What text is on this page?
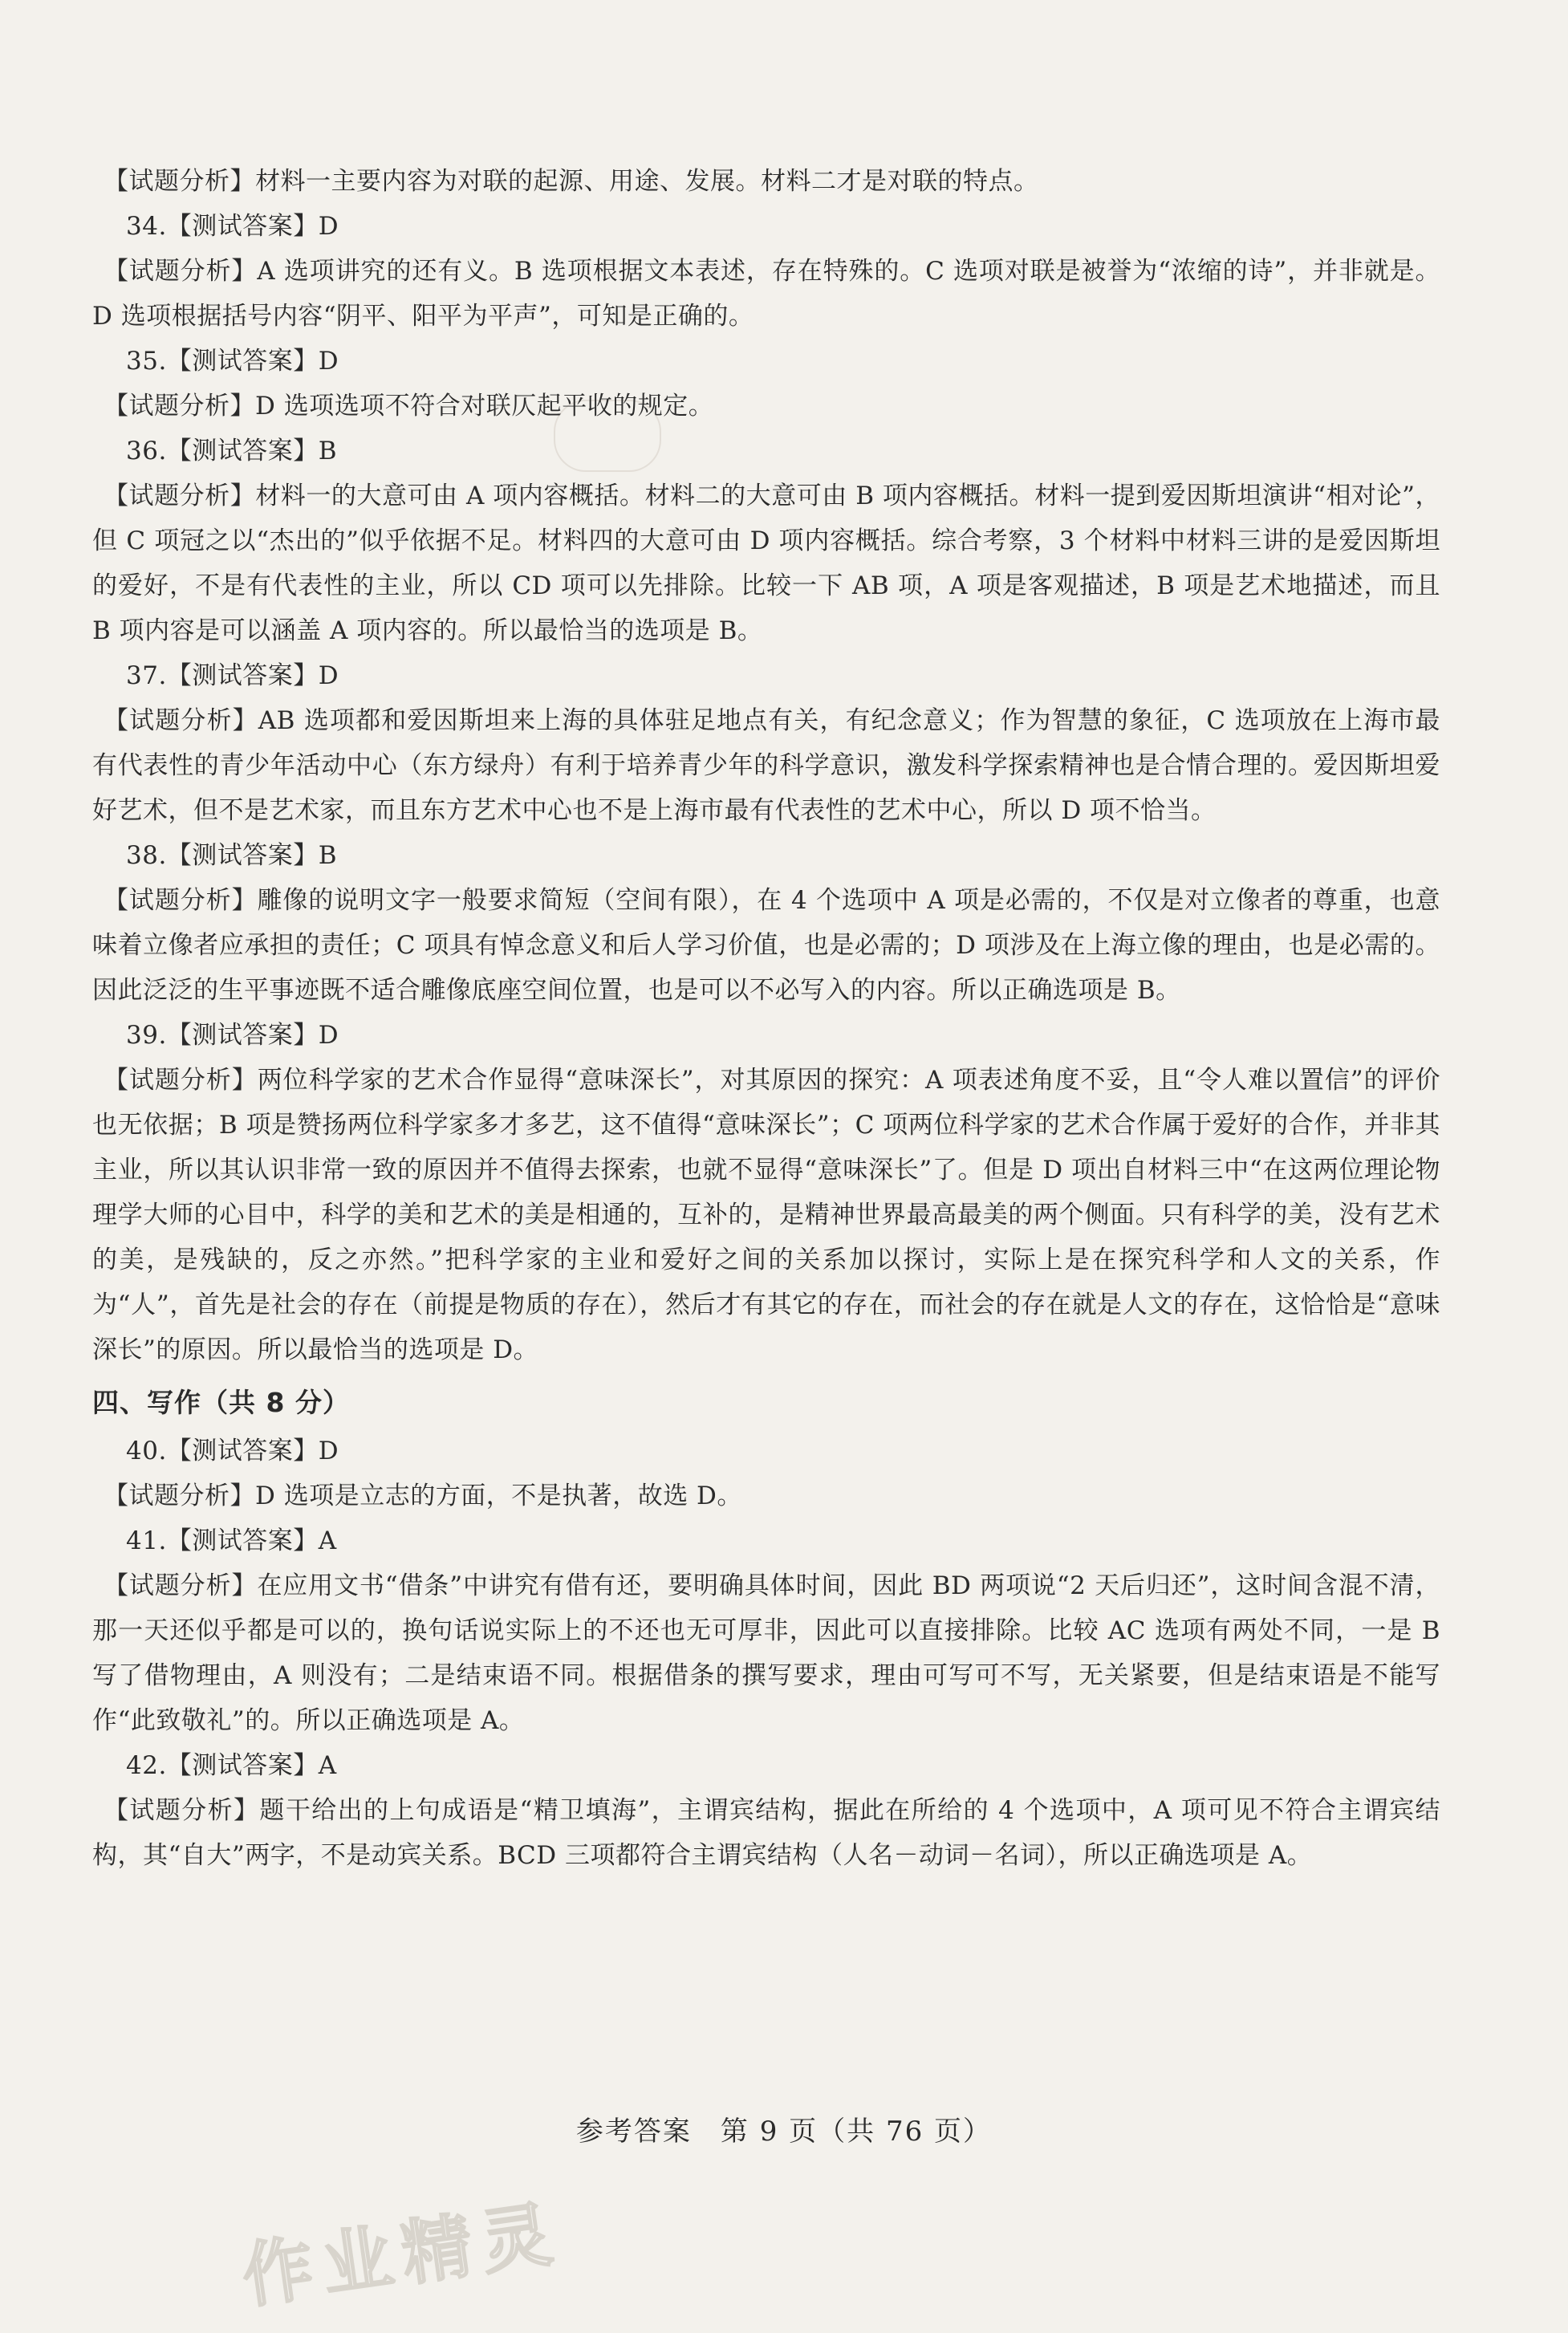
【试题分析】材料一主要内容为对联的起源、用途、发展。材料二才是对联的特点。

34.【测试答案】D

【试题分析】A 选项讲究的还有义。B 选项根据文本表述，存在特殊的。C 选项对联是被誉为“浓缩的诗”，并非就是。D 选项根据括号内容“阴平、阳平为平声”，可知是正确的。

35.【测试答案】D

【试题分析】D 选项选项不符合对联仄起平收的规定。

36.【测试答案】B

【试题分析】材料一的大意可由 A 项内容概括。材料二的大意可由 B 项内容概括。材料一提到爱因斯坦演讲“相对论”，但 C 项冠之以“杰出的”似乎依据不足。材料四的大意可由 D 项内容概括。综合考察，3 个材料中材料三讲的是爱因斯坦的爱好，不是有代表性的主业，所以 CD 项可以先排除。比较一下 AB 项，A 项是客观描述，B 项是艺术地描述，而且 B 项内容是可以涵盖 A 项内容的。所以最恰当的选项是 B。

37.【测试答案】D

【试题分析】AB 选项都和爱因斯坦来上海的具体驻足地点有关，有纪念意义；作为智慧的象征，C 选项放在上海市最有代表性的青少年活动中心（东方绿舟）有利于培养青少年的科学意识，激发科学探索精神也是合情合理的。爱因斯坦爱好艺术，但不是艺术家，而且东方艺术中心也不是上海市最有代表性的艺术中心，所以 D 项不恰当。

38.【测试答案】B

【试题分析】雕像的说明文字一般要求简短（空间有限），在 4 个选项中 A 项是必需的，不仅是对立像者的尊重，也意味着立像者应承担的责任；C 项具有悼念意义和后人学习价值，也是必需的；D 项涉及在上海立像的理由，也是必需的。因此泛泛的生平事迹既不适合雕像底座空间位置，也是可以不必写入的内容。所以正确选项是 B。

39.【测试答案】D

【试题分析】两位科学家的艺术合作显得“意味深长”，对其原因的探究：A 项表述角度不妥，且“令人难以置信”的评价也无依据；B 项是赞扬两位科学家多才多艺，这不值得“意味深长”；C 项两位科学家的艺术合作属于爱好的合作，并非其主业，所以其认识非常一致的原因并不值得去探索，也就不显得“意味深长”了。但是 D 项出自材料三中“在这两位理论物理学大师的心目中，科学的美和艺术的美是相通的，互补的，是精神世界最高最美的两个侧面。只有科学的美，没有艺术的美，是残缺的，反之亦然。”把科学家的主业和爱好之间的关系加以探讨，实际上是在探究科学和人文的关系，作为“人”，首先是社会的存在（前提是物质的存在），然后才有其它的存在，而社会的存在就是人文的存在，这恰恰是“意味深长”的原因。所以最恰当的选项是 D。

四、写作（共 8 分）

40.【测试答案】D

【试题分析】D 选项是立志的方面，不是执著，故选 D。

41.【测试答案】A

【试题分析】在应用文书“借条”中讲究有借有还，要明确具体时间，因此 BD 两项说“2 天后归还”，这时间含混不清，那一天还似乎都是可以的，换句话说实际上的不还也无可厚非，因此可以直接排除。比较 AC 选项有两处不同，一是 B 写了借物理由，A 则没有；二是结束语不同。根据借条的撰写要求，理由可写可不写，无关紧要，但是结束语是不能写作“此致敬礼”的。所以正确选项是 A。

42.【测试答案】A

【试题分析】题干给出的上句成语是“精卫填海”，主谓宾结构，据此在所给的 4 个选项中，A 项可见不符合主谓宾结构，其“自大”两字，不是动宾关系。BCD 三项都符合主谓宾结构（人名－动词－名词），所以正确选项是 A。

参考答案　第 9 页（共 76 页）
作业精灵
